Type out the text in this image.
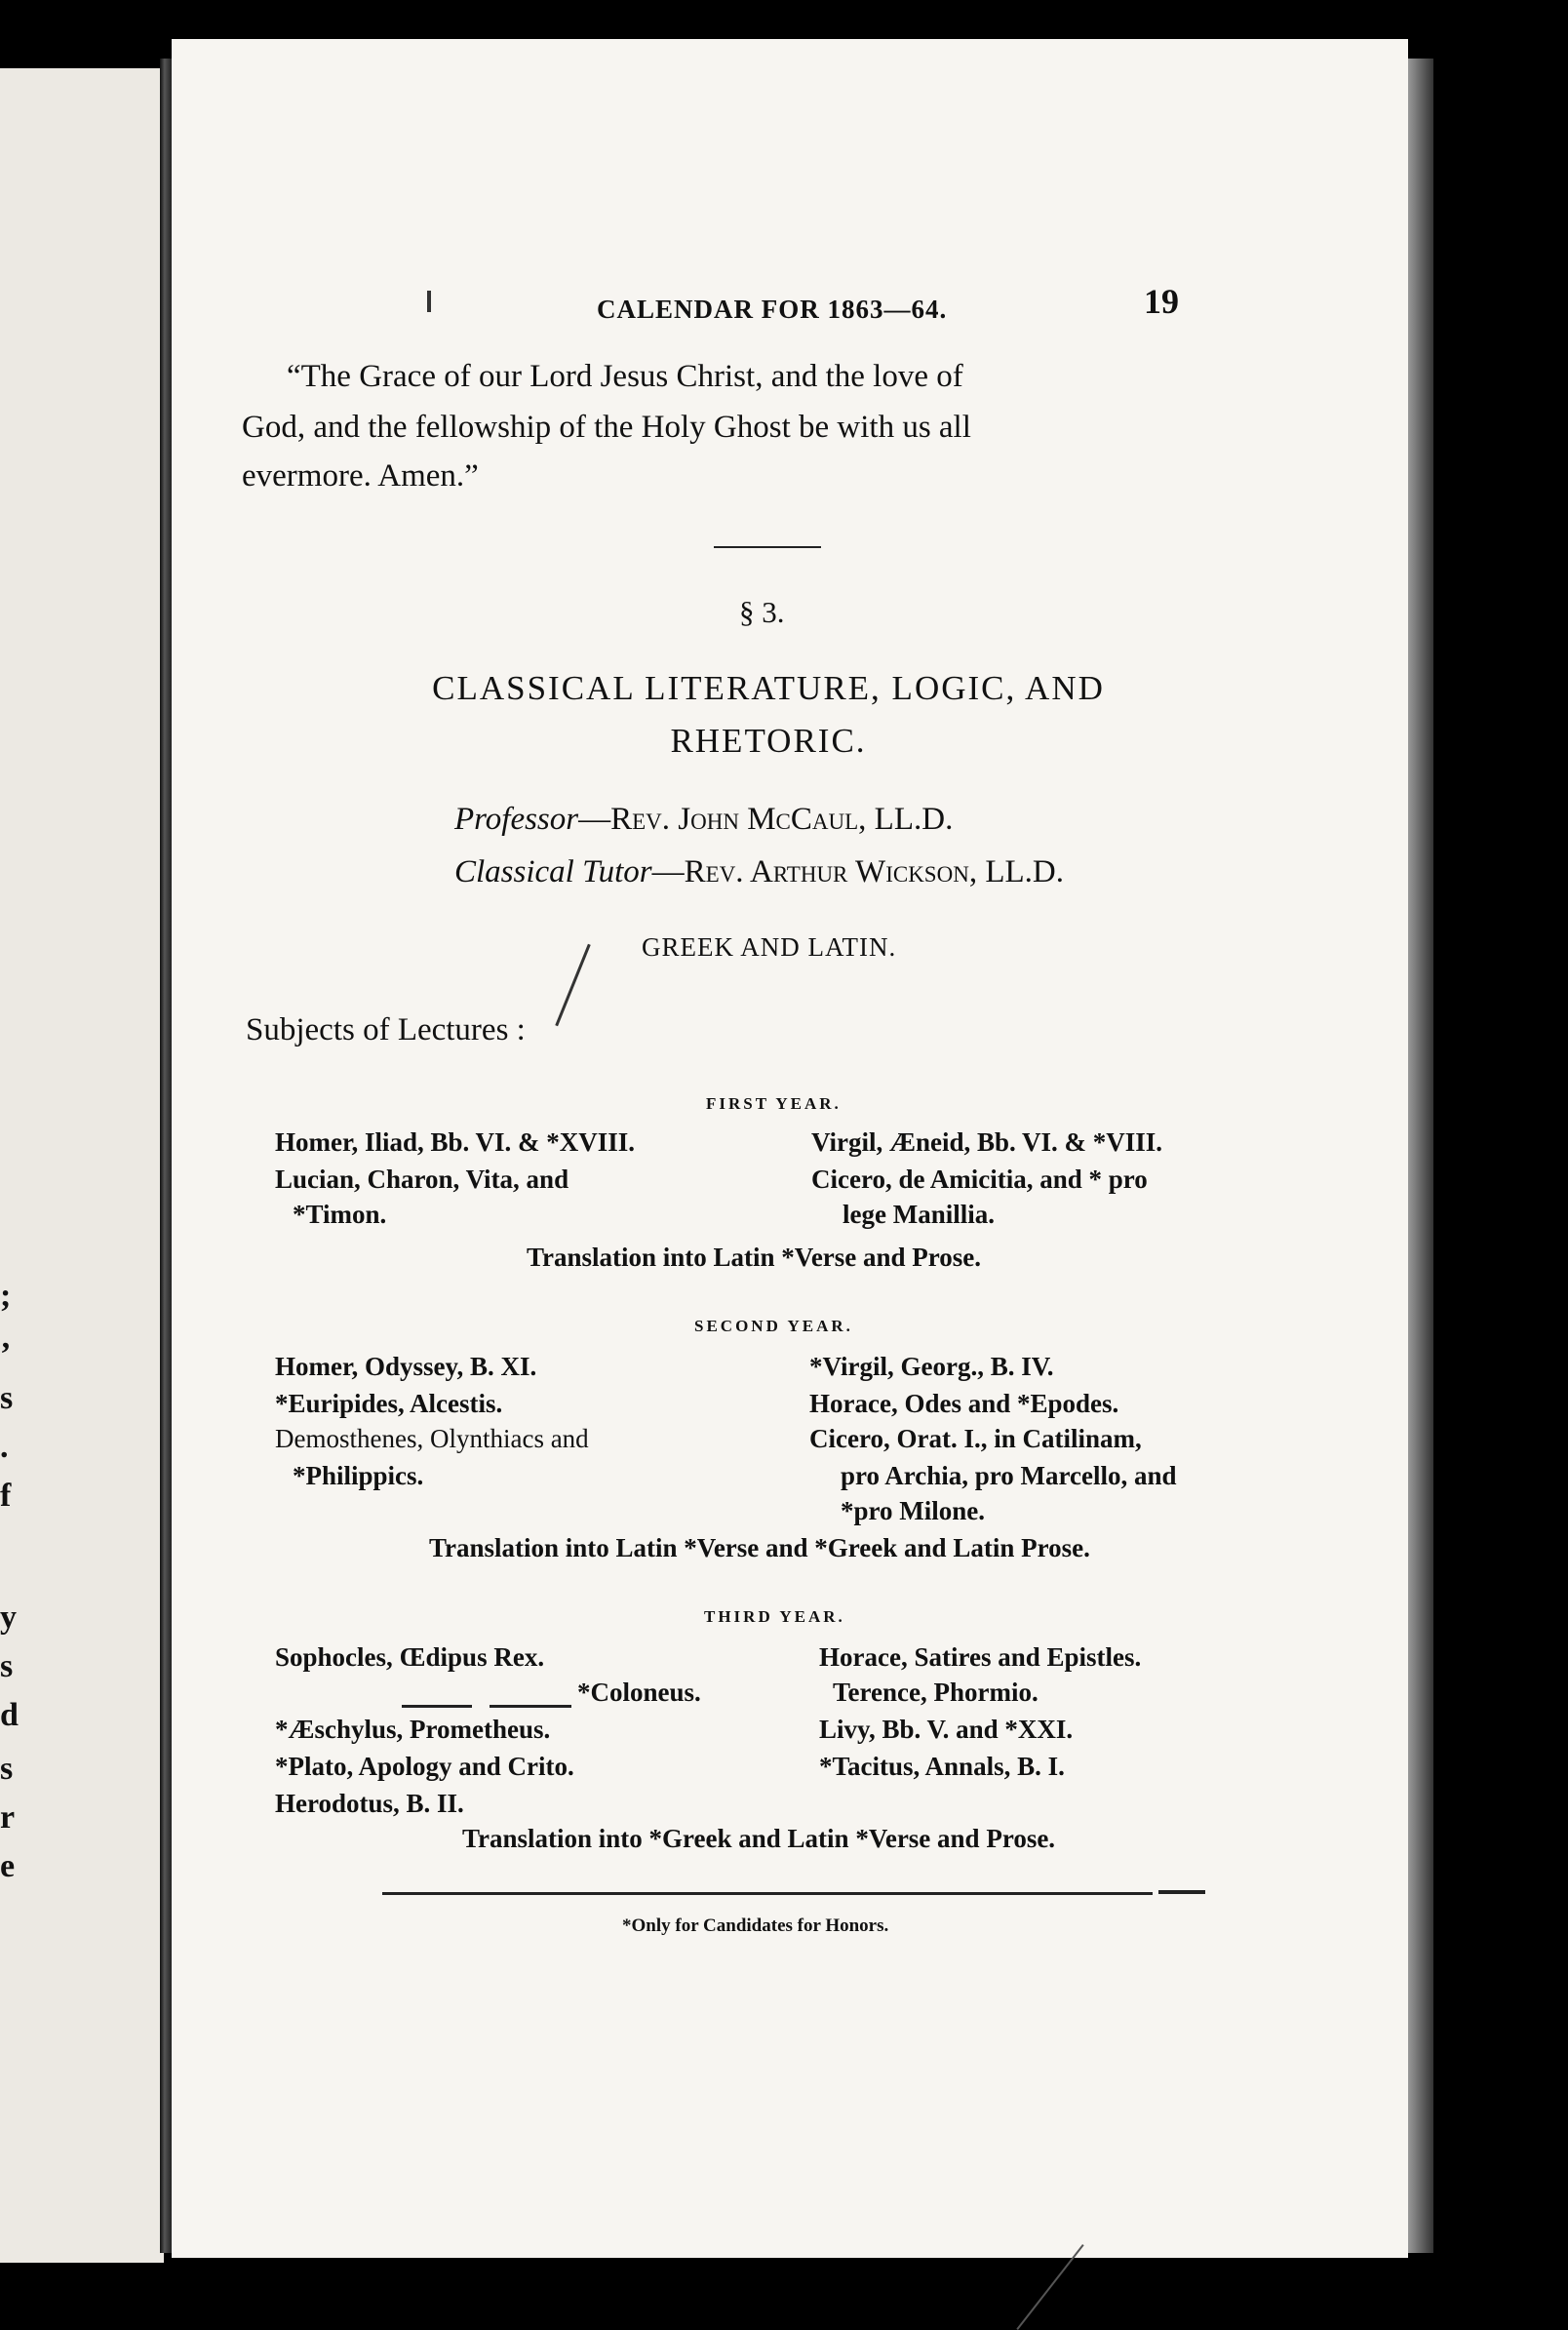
;
’
s
.
f
y
s
d
s
r
e
CALENDAR FOR 1863—64.	19
“The Grace of our Lord Jesus Christ, and the love of
God, and the fellowship of the Holy Ghost be with us all
evermore. Amen.”
§ 3.
CLASSICAL LITERATURE, LOGIC, AND
RHETORIC.
Professor—Rev. John McCaul, LL.D.
Classical Tutor—Rev. Arthur Wickson, LL.D.
GREEK AND LATIN.
Subjects of Lectures :
FIRST YEAR.
Homer, Iliad, Bb. VI. & *XVIII.
Lucian, Charon, Vita, and
*Timon.
Virgil, Æneid, Bb. VI. & *VIII.
Cicero, de Amicitia, and * pro
lege Manillia.
Translation into Latin *Verse and Prose.
SECOND YEAR.
Homer, Odyssey, B. XI.
*Euripides, Alcestis.
Demosthenes, Olynthiacs and
*Philippics.
*Virgil, Georg., B. IV.
Horace, Odes and *Epodes.
Cicero, Orat. I., in Catilinam,
pro Archia, pro Marcello, and
*pro Milone.
Translation into Latin *Verse and *Greek and Latin Prose.
THIRD YEAR.
Sophocles, Œdipus Rex.
*Coloneus.
*Æschylus, Prometheus.
*Plato, Apology and Crito.
Herodotus, B. II.
Horace, Satires and Epistles.
Terence, Phormio.
Livy, Bb. V. and *XXI.
*Tacitus, Annals, B. I.
Translation into *Greek and Latin *Verse and Prose.
*Only for Candidates for Honors.
